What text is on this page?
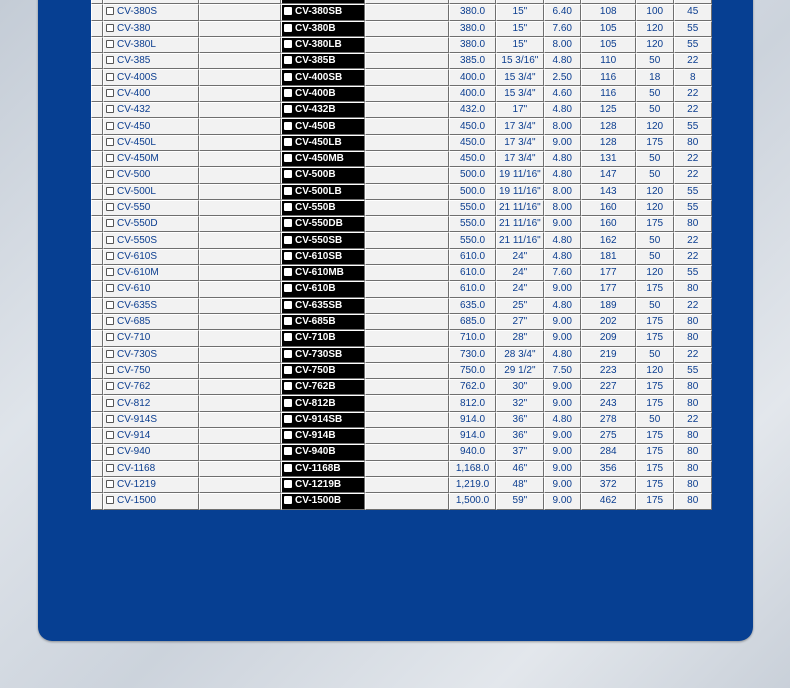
	CV-380S		CV-380SB		380.0	15"	6.40	108	100	45
	CV-380		CV-380B		380.0	15"	7.60	105	120	55
	CV-380L		CV-380LB		380.0	15"	8.00	105	120	55
	CV-385		CV-385B		385.0	15 3/16"	4.80	110	50	22
	CV-400S		CV-400SB		400.0	15 3/4"	2.50	116	18	8
	CV-400		CV-400B		400.0	15 3/4"	4.60	116	50	22
	CV-432		CV-432B		432.0	17"	4.80	125	50	22
	CV-450		CV-450B		450.0	17 3/4"	8.00	128	120	55
	CV-450L		CV-450LB		450.0	17 3/4"	9.00	128	175	80
	CV-450M		CV-450MB		450.0	17 3/4"	4.80	131	50	22
	CV-500		CV-500B		500.0	19 11/16"	4.80	147	50	22
	CV-500L		CV-500LB		500.0	19 11/16"	8.00	143	120	55
	CV-550		CV-550B		550.0	21 11/16"	8.00	160	120	55
	CV-550D		CV-550DB		550.0	21 11/16"	9.00	160	175	80
	CV-550S		CV-550SB		550.0	21 11/16"	4.80	162	50	22
	CV-610S		CV-610SB		610.0	24"	4.80	181	50	22
	CV-610M		CV-610MB		610.0	24"	7.60	177	120	55
	CV-610		CV-610B		610.0	24"	9.00	177	175	80
	CV-635S		CV-635SB		635.0	25"	4.80	189	50	22
	CV-685		CV-685B		685.0	27"	9.00	202	175	80
	CV-710		CV-710B		710.0	28"	9.00	209	175	80
	CV-730S		CV-730SB		730.0	28 3/4"	4.80	219	50	22
	CV-750		CV-750B		750.0	29 1/2"	7.50	223	120	55
	CV-762		CV-762B		762.0	30"	9.00	227	175	80
	CV-812		CV-812B		812.0	32"	9.00	243	175	80
	CV-914S		CV-914SB		914.0	36"	4.80	278	50	22
	CV-914		CV-914B		914.0	36"	9.00	275	175	80
	CV-940		CV-940B		940.0	37"	9.00	284	175	80
	CV-1168		CV-1168B		1,168.0	46"	9.00	356	175	80
	CV-1219		CV-1219B		1,219.0	48"	9.00	372	175	80
	CV-1500		CV-1500B		1,500.0	59"	9.00	462	175	80
